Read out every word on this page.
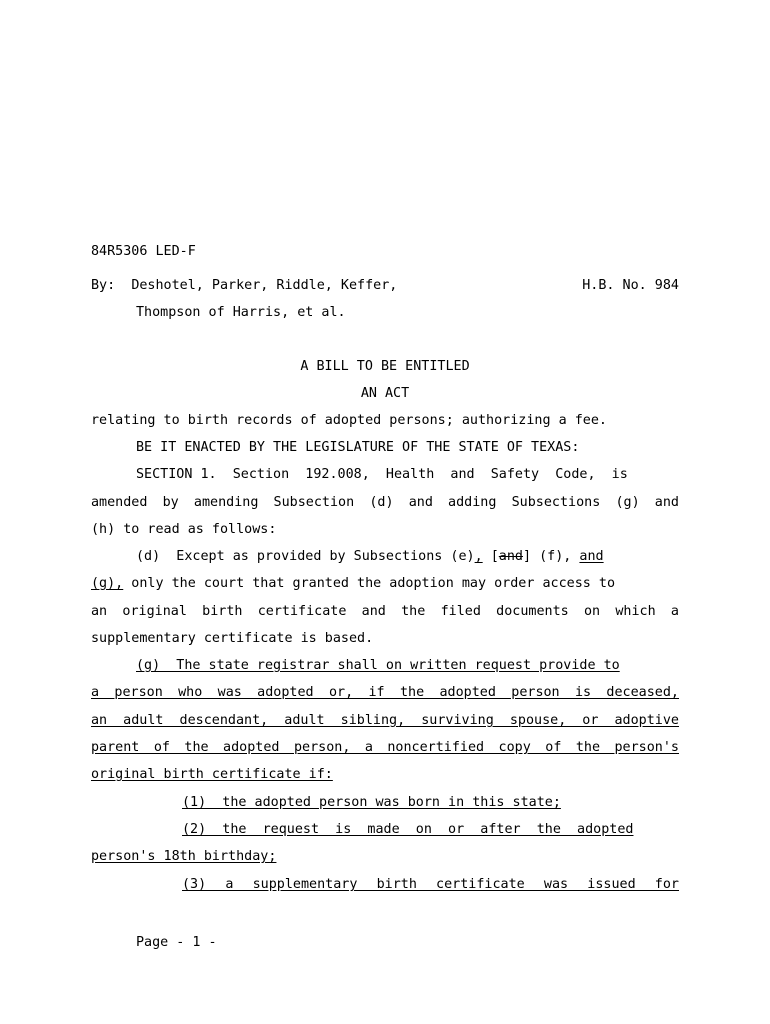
84R5306 LED-F
By: Deshotel, Parker, Riddle, Keffer,	H.B. No. 984
Thompson of Harris, et al.
A BILL TO BE ENTITLED
AN ACT
relating to birth records of adopted persons; authorizing a fee.
BE IT ENACTED BY THE LEGISLATURE OF THE STATE OF TEXAS:
SECTION 1.  Section  192.008,  Health  and  Safety  Code,  is
amended by amending Subsection (d) and adding Subsections (g) and
(h) to read as follows:
(d)  Except as provided by Subsections (e), [and] (f), and
(g), only the court that granted the adoption may order access to
an original birth certificate and the filed documents on which a
supplementary certificate is based.
(g)  The state registrar shall on written request provide to
a person who was adopted or, if the adopted person is deceased,
an adult descendant, adult sibling, surviving spouse, or adoptive
parent of the adopted person, a noncertified copy of the person's
original birth certificate if:
(1)  the adopted person was born in this state;
(2)  the  request  is  made  on  or  after  the  adopted
person's 18th birthday;
(3) a supplementary birth certificate was issued for
Page - 1 -
